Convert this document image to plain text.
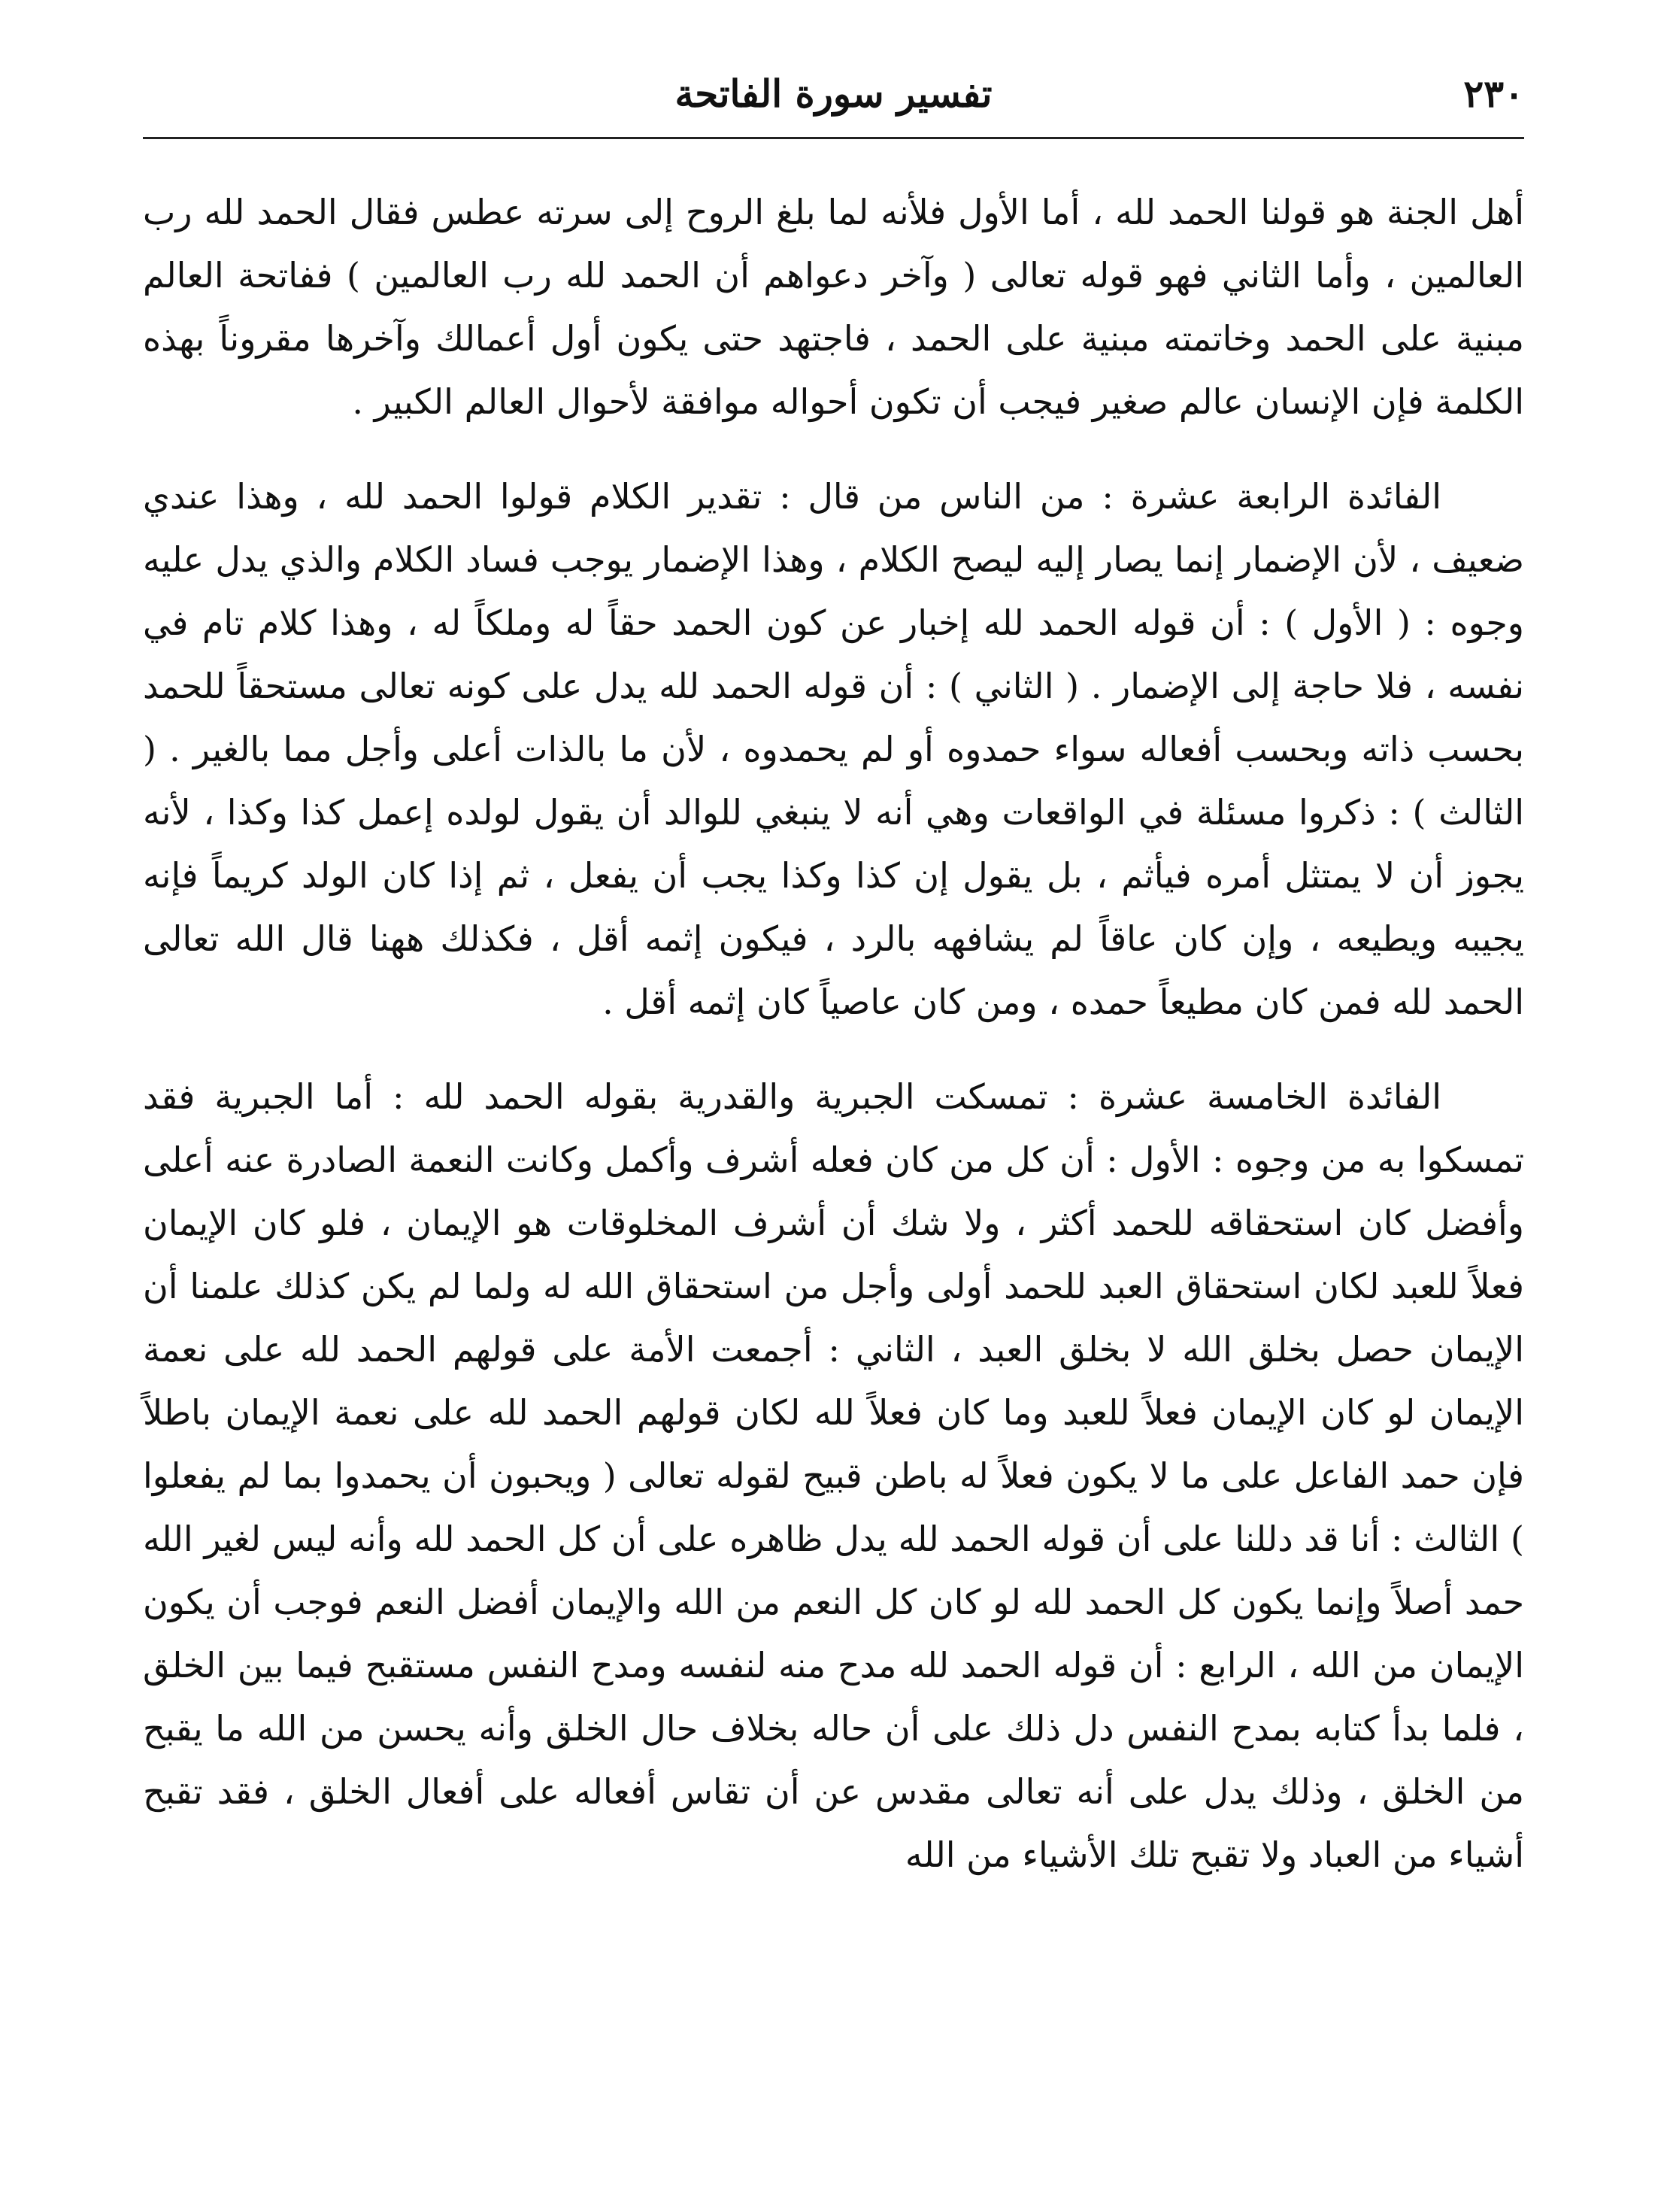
٢٣٠
تفسير سورة الفاتحة

أهل الجنة هو قولنا الحمد لله ، أما الأول فلأنه لما بلغ الروح إلى سرته عطس فقال الحمد لله رب العالمين ، وأما الثاني فهو قوله تعالى ( وآخر دعواهم أن الحمد لله رب العالمين ) ففاتحة العالم مبنية على الحمد وخاتمته مبنية على الحمد ، فاجتهد حتى يكون أول أعمالك وآخرها مقروناً بهذه الكلمة فإن الإنسان عالم صغير فيجب أن تكون أحواله موافقة لأحوال العالم الكبير .

الفائدة الرابعة عشرة : من الناس من قال : تقدير الكلام قولوا الحمد لله ، وهذا عندي ضعيف ، لأن الإضمار إنما يصار إليه ليصح الكلام ، وهذا الإضمار يوجب فساد الكلام والذي يدل عليه وجوه : ( الأول ) : أن قوله الحمد لله إخبار عن كون الحمد حقاً له وملكاً له ، وهذا كلام تام في نفسه ، فلا حاجة إلى الإضمار . ( الثاني ) : أن قوله الحمد لله يدل على كونه تعالى مستحقاً للحمد بحسب ذاته وبحسب أفعاله سواء حمدوه أو لم يحمدوه ، لأن ما بالذات أعلى وأجل مما بالغير . ( الثالث ) : ذكروا مسئلة في الواقعات وهي أنه لا ينبغي للوالد أن يقول لولده إعمل كذا وكذا ، لأنه يجوز أن لا يمتثل أمره فيأثم ، بل يقول إن كذا وكذا يجب أن يفعل ، ثم إذا كان الولد كريماً فإنه يجيبه ويطيعه ، وإن كان عاقاً لم يشافهه بالرد ، فيكون إثمه أقل ، فكذلك ههنا قال الله تعالى الحمد لله فمن كان مطيعاً حمده ، ومن كان عاصياً كان إثمه أقل .

الفائدة الخامسة عشرة : تمسكت الجبرية والقدرية بقوله الحمد لله : أما الجبرية فقد تمسكوا به من وجوه : الأول : أن كل من كان فعله أشرف وأكمل وكانت النعمة الصادرة عنه أعلى وأفضل كان استحقاقه للحمد أكثر ، ولا شك أن أشرف المخلوقات هو الإيمان ، فلو كان الإيمان فعلاً للعبد لكان استحقاق العبد للحمد أولى وأجل من استحقاق الله له ولما لم يكن كذلك علمنا أن الإيمان حصل بخلق الله لا بخلق العبد ، الثاني : أجمعت الأمة على قولهم الحمد لله على نعمة الإيمان لو كان الإيمان فعلاً للعبد وما كان فعلاً لله لكان قولهم الحمد لله على نعمة الإيمان باطلاً فإن حمد الفاعل على ما لا يكون فعلاً له باطن قبيح لقوله تعالى ( ويحبون أن يحمدوا بما لم يفعلوا ) الثالث : أنا قد دللنا على أن قوله الحمد لله يدل ظاهره على أن كل الحمد لله وأنه ليس لغير الله حمد أصلاً وإنما يكون كل الحمد لله لو كان كل النعم من الله والإيمان أفضل النعم فوجب أن يكون الإيمان من الله ، الرابع : أن قوله الحمد لله مدح منه لنفسه ومدح النفس مستقبح فيما بين الخلق ، فلما بدأ كتابه بمدح النفس دل ذلك على أن حاله بخلاف حال الخلق وأنه يحسن من الله ما يقبح من الخلق ، وذلك يدل على أنه تعالى مقدس عن أن تقاس أفعاله على أفعال الخلق ، فقد تقبح أشياء من العباد ولا تقبح تلك الأشياء من الله
